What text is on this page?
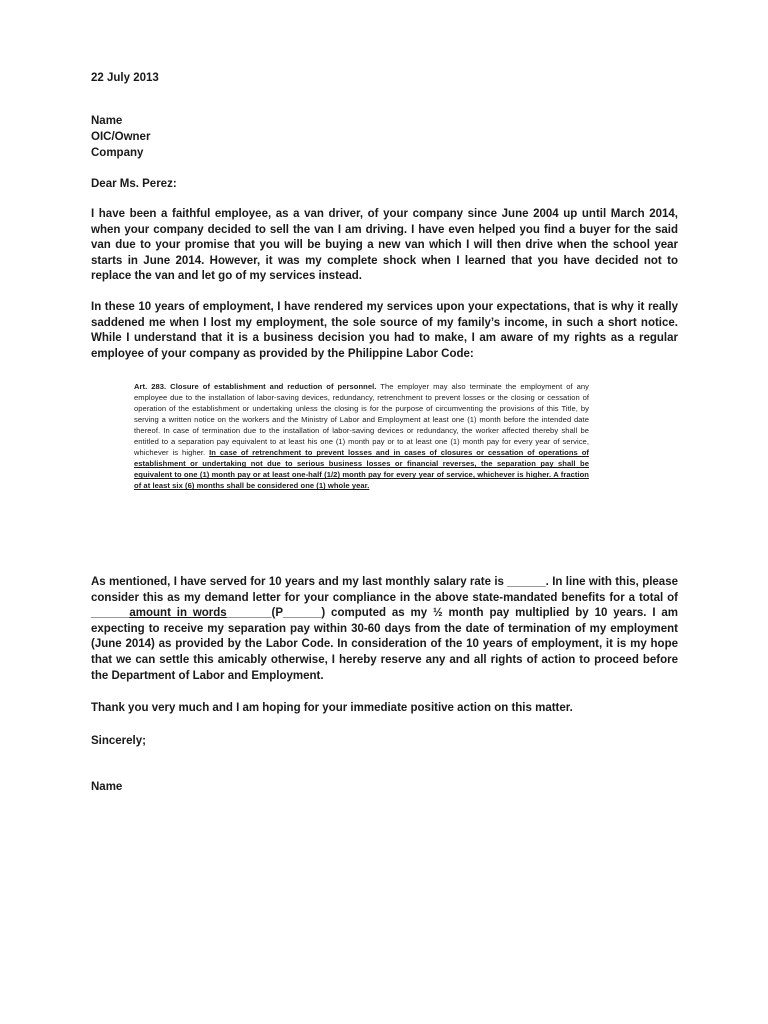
22 July 2013
Name
OIC/Owner
Company
Dear Ms. Perez:

I have been a faithful employee, as a van driver, of your company since June 2004 up until March 2014, when your company decided to sell the van I am driving. I have even helped you find a buyer for the said van due to your promise that you will be buying a new van which I will then drive when the school year starts in June 2014. However, it was my complete shock when I learned that you have decided not to replace the van and let go of my services instead.

In these 10 years of employment, I have rendered my services upon your expectations, that is why it really saddened me when I lost my employment, the sole source of my family’s income, in such a short notice. While I understand that it is a business decision you had to make, I am aware of my rights as a regular employee of your company as provided by the Philippine Labor Code:

Art. 283. Closure of establishment and reduction of personnel. The employer may also terminate the employment of any employee due to the installation of labor-saving devices, redundancy, retrenchment to prevent losses or the closing or cessation of operation of the establishment or undertaking unless the closing is for the purpose of circumventing the provisions of this Title, by serving a written notice on the workers and the Ministry of Labor and Employment at least one (1) month before the intended date thereof. In case of termination due to the installation of labor-saving devices or redundancy, the worker affected thereby shall be entitled to a separation pay equivalent to at least his one (1) month pay or to at least one (1) month pay for every year of service, whichever is higher. In case of retrenchment to prevent losses and in cases of closures or cessation of operations of establishment or undertaking not due to serious business losses or financial reverses, the separation pay shall be equivalent to one (1) month pay or at least one-half (1/2) month pay for every year of service, whichever is higher. A fraction of at least six (6) months shall be considered one (1) whole year.

As mentioned, I have served for 10 years and my last monthly salary rate is ______. In line with this, please consider this as my demand letter for your compliance in the above state-mandated benefits for a total of ______amount in words_______(P______) computed as my ½ month pay multiplied by 10 years. I am expecting to receive my separation pay within 30-60 days from the date of termination of my employment (June 2014) as provided by the Labor Code. In consideration of the 10 years of employment, it is my hope that we can settle this amicably otherwise, I hereby reserve any and all rights of action to proceed before the Department of Labor and Employment.

Thank you very much and I am hoping for your immediate positive action on this matter.
Sincerely;
Name
